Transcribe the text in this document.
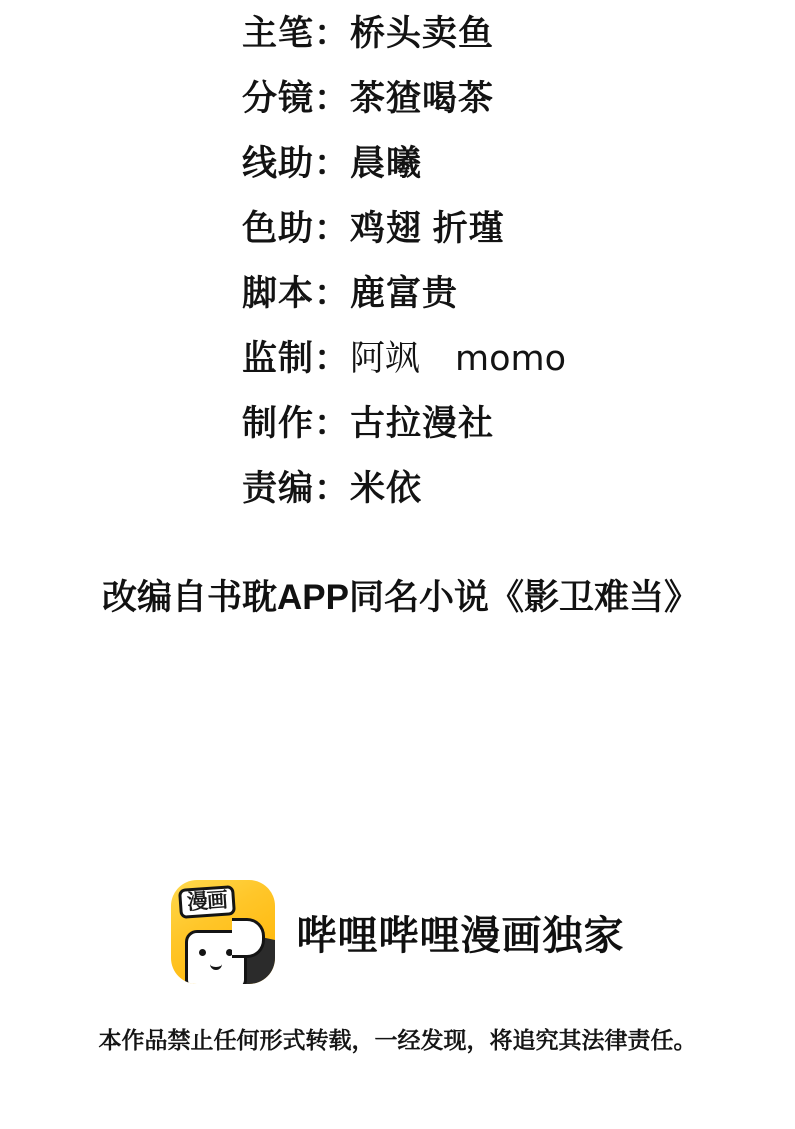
主笔 ： 桥头卖鱼
分镜 ： 茶猹喝茶
线助 ： 晨曦
色助 ： 鸡翅 折瑾
脚本 ： 鹿富贵
监制 ： 阿飒　momo
制作 ： 古拉漫社
责编 ： 米依
改编自书耽APP同名小说《影卫难当》
漫画
哔哩哔哩漫画独家
本作品禁止任何形式转载，一经发现，将追究其法律责任。
